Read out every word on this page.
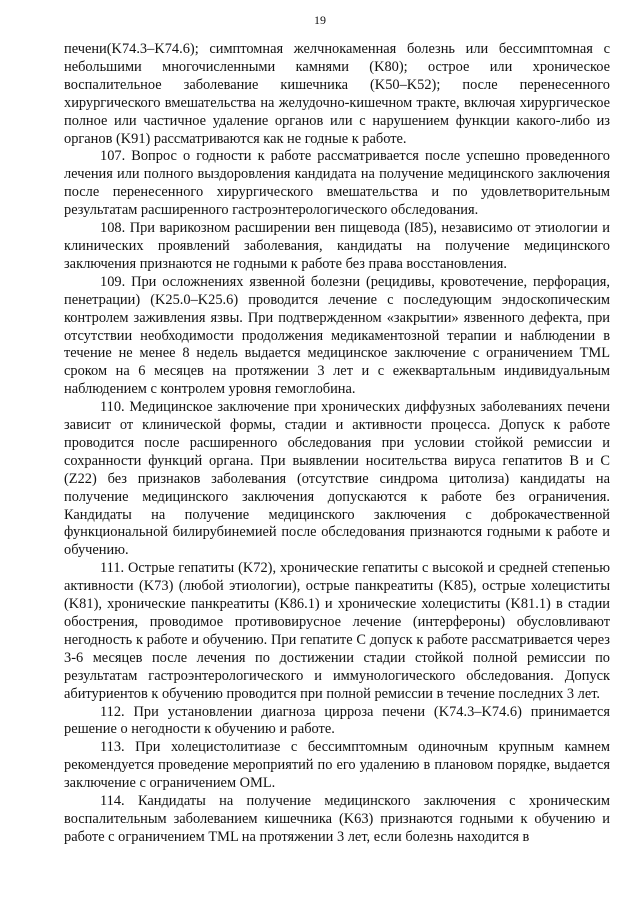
19

печени(K74.3–K74.6); симптомная желчнокаменная болезнь или бессимптомная с небольшими многочисленными камнями (K80); острое или хроническое воспалительное заболевание кишечника (K50–K52); после перенесенного хирургического вмешательства на желудочно-кишечном тракте, включая хирургическое полное или частичное удаление органов или с нарушением функции какого-либо из органов (K91) рассматриваются как не годные к работе.

107. Вопрос о годности к работе рассматривается после успешно проведенного лечения или полного выздоровления кандидата на получение медицинского заключения после перенесенного хирургического вмешательства и по удовлетворительным результатам расширенного гастроэнтерологического обследования.

108. При варикозном расширении вен пищевода (I85), независимо от этиологии и клинических проявлений заболевания, кандидаты на получение медицинского заключения признаются не годными к работе без права восстановления.

109. При осложнениях язвенной болезни (рецидивы, кровотечение, перфорация, пенетрации) (K25.0–K25.6) проводится лечение с последующим эндоскопическим контролем заживления язвы. При подтвержденном «закрытии» язвенного дефекта, при отсутствии необходимости продолжения медикаментозной терапии и наблюдении в течение не менее 8 недель выдается медицинское заключение с ограничением TML сроком на 6 месяцев на протяжении 3 лет и с ежеквартальным индивидуальным наблюдением с контролем уровня гемоглобина.

110. Медицинское заключение при хронических диффузных заболеваниях печени зависит от клинической формы, стадии и активности процесса. Допуск к работе проводится после расширенного обследования при условии стойкой ремиссии и сохранности функций органа. При выявлении носительства вируса гепатитов B и C (Z22) без признаков заболевания (отсутствие синдрома цитолиза) кандидаты на получение медицинского заключения допускаются к работе без ограничения. Кандидаты на получение медицинского заключения с доброкачественной функциональной билирубинемией после обследования признаются годными к работе и обучению.

111. Острые гепатиты (K72), хронические гепатиты с высокой и средней степенью активности (K73) (любой этиологии), острые панкреатиты (K85), острые холециститы (K81), хронические панкреатиты (K86.1) и хронические холециститы (K81.1) в стадии обострения, проводимое противовирусное лечение (интерфероны) обусловливают негодность к работе и обучению. При гепатите C допуск к работе рассматривается через 3-6 месяцев после лечения по достижении стадии стойкой полной ремиссии по результатам гастроэнтерологического и иммунологического обследования. Допуск абитуриентов к обучению проводится при полной ремиссии в течение последних 3 лет.

112. При установлении диагноза цирроза печени (K74.3–K74.6) принимается решение о негодности к обучению и работе.

113. При холецистолитиазе с бессимптомным одиночным крупным камнем рекомендуется проведение мероприятий по его удалению в плановом порядке, выдается заключение с ограничением OML.

114. Кандидаты на получение медицинского заключения с хроническим воспалительным заболеванием кишечника (K63) признаются годными к обучению и работе с ограничением TML на протяжении 3 лет, если болезнь находится в
